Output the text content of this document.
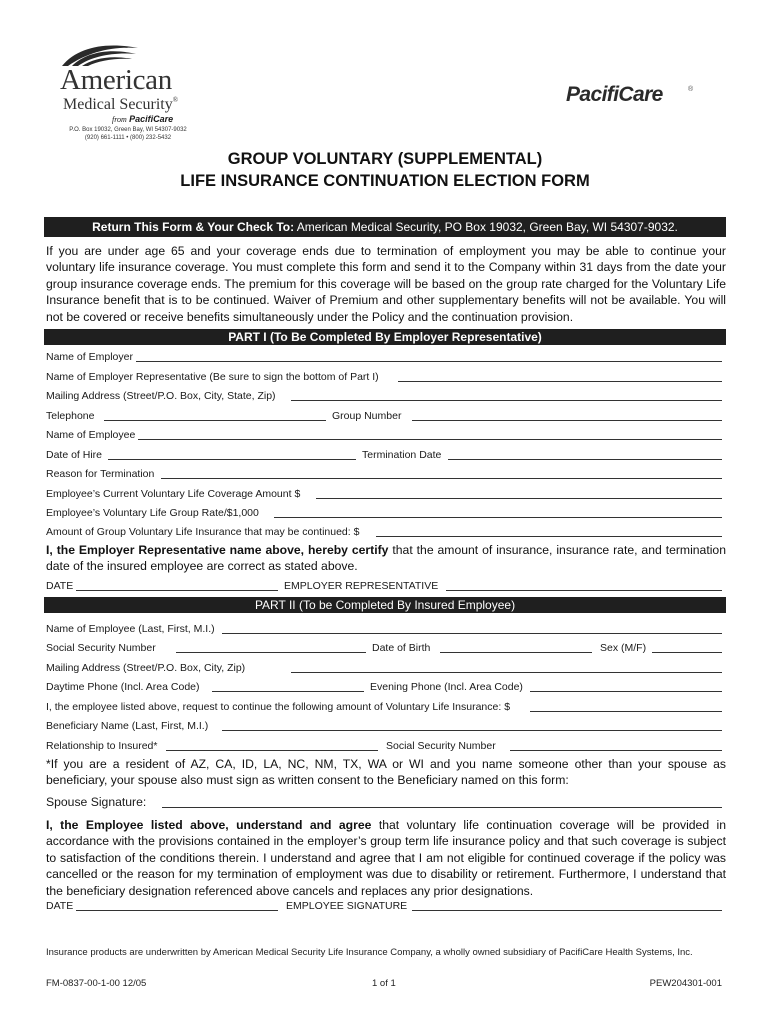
American
Medical Security®
from PacifiCare
P.O. Box 19032, Green Bay, WI 54307-9032
(920) 661-1111 • (800) 232-5432
PacifiCare	®
GROUP VOLUNTARY (SUPPLEMENTAL)
LIFE INSURANCE CONTINUATION ELECTION FORM
Return This Form & Your Check To: American Medical Security, PO Box 19032, Green Bay, WI 54307-9032.
If you are under age 65 and your coverage ends due to termination of employment you may be able to continue your voluntary life insurance coverage. You must complete this form and send it to the Company within 31 days from the date your group insurance coverage ends. The premium for this coverage will be based on the group rate charged for the Voluntary Life Insurance benefit that is to be continued. Waiver of Premium and other supplementary benefits will not be available. You will not be covered or receive benefits simultaneously under the Policy and the continuation provision.
PART I (To Be Completed By Employer Representative)
Name of Employer
Name of Employer Representative (Be sure to sign the bottom of Part I)
Mailing Address (Street/P.O. Box, City, State, Zip)
Telephone	Group Number
Name of Employee
Date of Hire	Termination Date
Reason for Termination
Employee’s Current Voluntary Life Coverage Amount $
Employee’s Voluntary Life Group Rate/$1,000
Amount of Group Voluntary Life Insurance that may be continued: $
I, the Employer Representative name above, hereby certify that the amount of insurance, insurance rate, and termination date of the insured employee are correct as stated above.
DATE	EMPLOYER REPRESENTATIVE
PART II (To be Completed By Insured Employee)
Name of Employee (Last, First, M.I.)
Social Security Number	Date of Birth	Sex (M/F)
Mailing Address (Street/P.O. Box, City, Zip)
Daytime Phone (Incl. Area Code)	Evening Phone (Incl. Area Code)
I, the employee listed above, request to continue the following amount of Voluntary Life Insurance: $
Beneficiary Name (Last, First, M.I.)
Relationship to Insured*	Social Security Number
*If you are a resident of AZ, CA, ID, LA, NC, NM, TX, WA or WI and you name someone other than your spouse as beneficiary, your spouse also must sign as written consent to the Beneficiary named on this form:
Spouse Signature:
I, the Employee listed above, understand and agree that voluntary life continuation coverage will be provided in accordance with the provisions contained in the employer’s group term life insurance policy and that such coverage is subject to satisfaction of the conditions therein. I understand and agree that I am not eligible for continued coverage if the policy was cancelled or the reason for my termination of employment was due to disability or retirement. Furthermore, I understand that the beneficiary designation referenced above cancels and replaces any prior designations.
DATE	EMPLOYEE SIGNATURE
Insurance products are underwritten by American Medical Security Life Insurance Company, a wholly owned subsidiary of PacifiCare Health Systems, Inc.
FM-0837-00-1-00 12/05	1 of 1	PEW204301-001
